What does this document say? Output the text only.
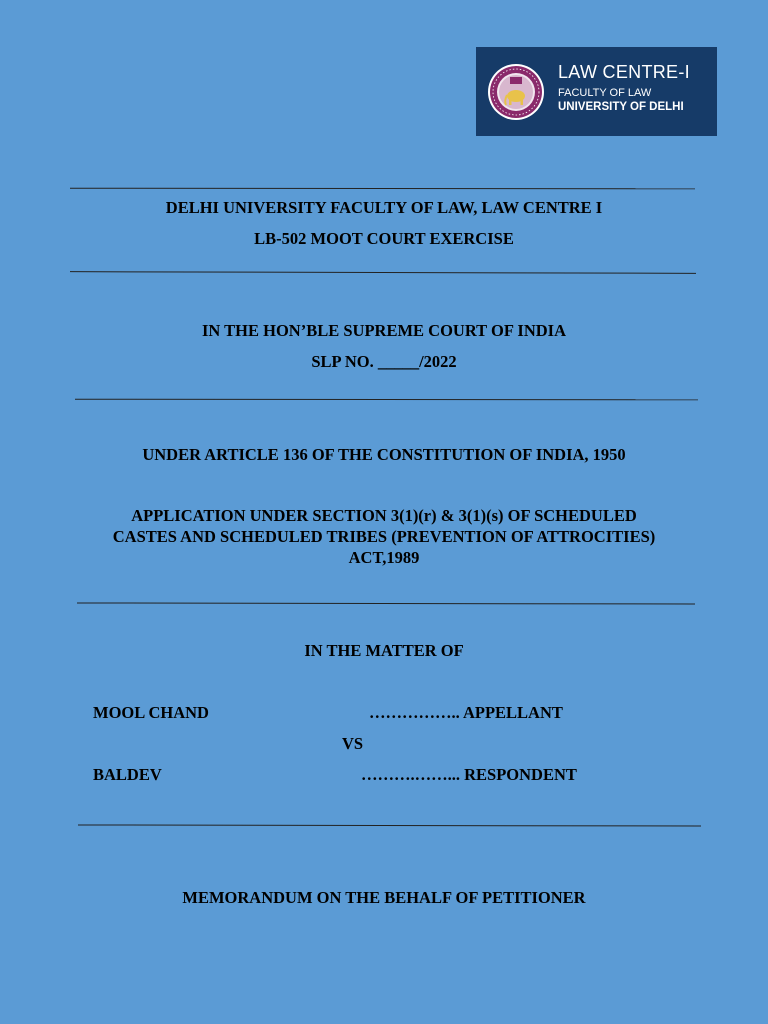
LAW CENTRE-I
FACULTY OF LAW
UNIVERSITY OF DELHI
DELHI UNIVERSITY FACULTY OF LAW, LAW CENTRE I
LB-502 MOOT COURT EXERCISE
IN THE HON’BLE SUPREME COURT OF INDIA
SLP NO. _____/2022
UNDER ARTICLE 136 OF THE CONSTITUTION OF INDIA, 1950
APPLICATION UNDER SECTION 3(1)(r) & 3(1)(s) OF SCHEDULED CASTES AND SCHEDULED TRIBES (PREVENTION OF ATTROCITIES) ACT,1989
IN THE MATTER OF
MOOL CHAND	…………….. APPELLANT
VS
BALDEV	……….……... RESPONDENT
MEMORANDUM ON THE BEHALF OF PETITIONER
